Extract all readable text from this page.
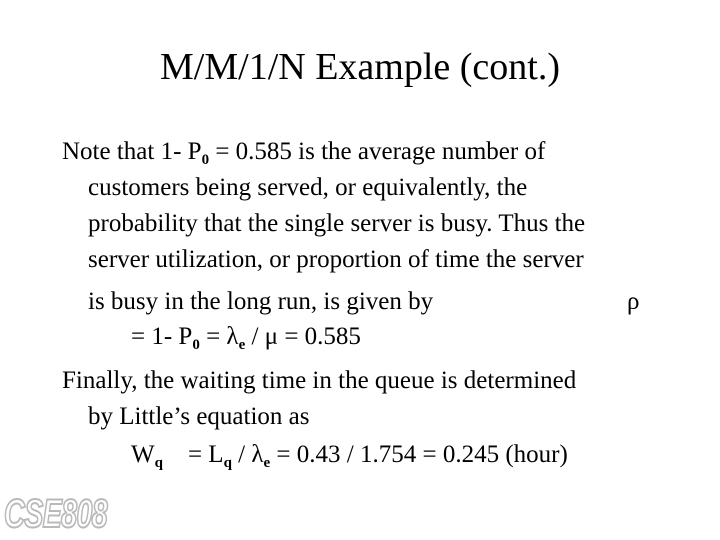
M/M/1/N Example (cont.)
Note that 1- $P_0 = 0.585$ is the average number of
customers being served, or equivalently, the
probability that the single server is busy. Thus the
server utilization, or proportion of time the server
is busy in the long run, is given by	ρ
= 1- $P_0 = \lambda_e / \mu = 0.585$
Finally, the waiting time in the queue is determined
by Little’s equation as
$W_q$    = $L_q / \lambda_e = 0.43 / 1.754 = 0.245$ (hour)
CSE808
